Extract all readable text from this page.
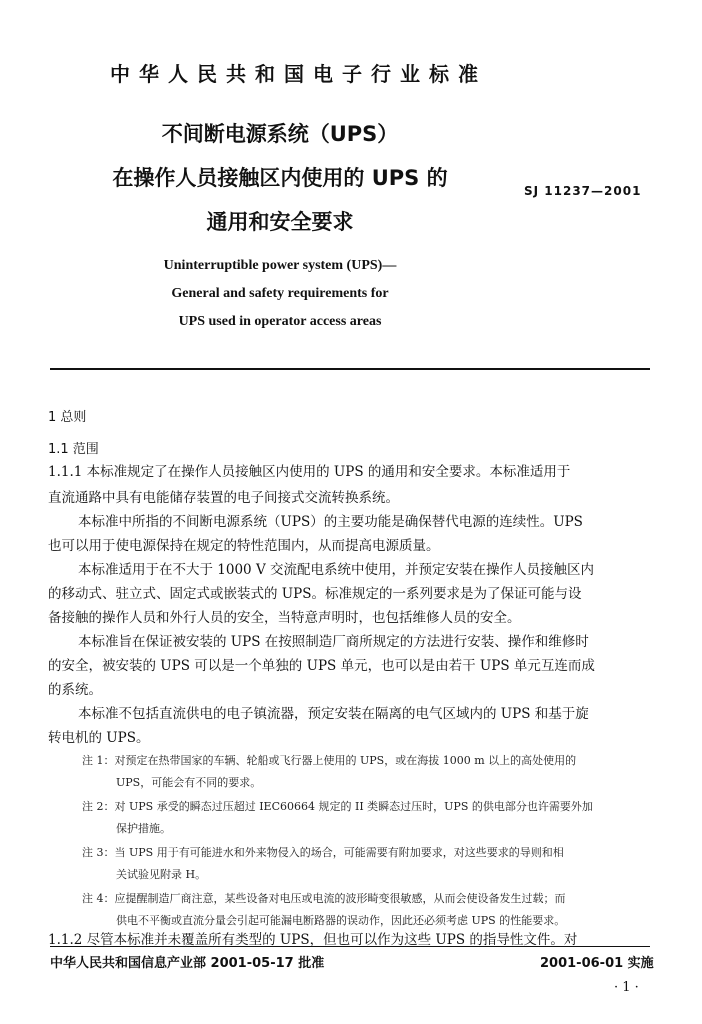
中华人民共和国电子行业标准
不间断电源系统（UPS）
在操作人员接触区内使用的 UPS 的
通用和安全要求
SJ 11237—2001
Uninterruptible power system (UPS)—
General and safety requirements for
UPS used in operator access areas
1 总则
1.1 范围
1.1.1 本标准规定了在操作人员接触区内使用的 UPS 的通用和安全要求。本标准适用于
直流通路中具有电能储存装置的电子间接式交流转换系统。
本标准中所指的不间断电源系统（UPS）的主要功能是确保替代电源的连续性。UPS
也可以用于使电源保持在规定的特性范围内，从而提高电源质量。
本标准适用于在不大于 1000 V 交流配电系统中使用，并预定安装在操作人员接触区内
的移动式、驻立式、固定式或嵌装式的 UPS。标准规定的一系列要求是为了保证可能与设
备接触的操作人员和外行人员的安全，当特意声明时，也包括维修人员的安全。
本标准旨在保证被安装的 UPS 在按照制造厂商所规定的方法进行安装、操作和维修时
的安全，被安装的 UPS 可以是一个单独的 UPS 单元，也可以是由若干 UPS 单元互连而成
的系统。
本标准不包括直流供电的电子镇流器，预定安装在隔离的电气区域内的 UPS 和基于旋
转电机的 UPS。
注 1：对预定在热带国家的车辆、轮船或飞行器上使用的 UPS，或在海拔 1000 m 以上的高处使用的
UPS，可能会有不同的要求。
注 2：对 UPS 承受的瞬态过压超过 IEC60664 规定的 II 类瞬态过压时，UPS 的供电部分也许需要外加
保护措施。
注 3：当 UPS 用于有可能进水和外来物侵入的场合，可能需要有附加要求，对这些要求的导则和相
关试验见附录 H。
注 4：应提醒制造厂商注意，某些设备对电压或电流的波形畸变很敏感，从而会使设备发生过载；而
供电不平衡或直流分量会引起可能漏电断路器的误动作，因此还必须考虑 UPS 的性能要求。
1.1.2 尽管本标准并未覆盖所有类型的 UPS，但也可以作为这些 UPS 的指导性文件。对
中华人民共和国信息产业部 2001-05-17 批准	2001-06-01 实施
· 1 ·
